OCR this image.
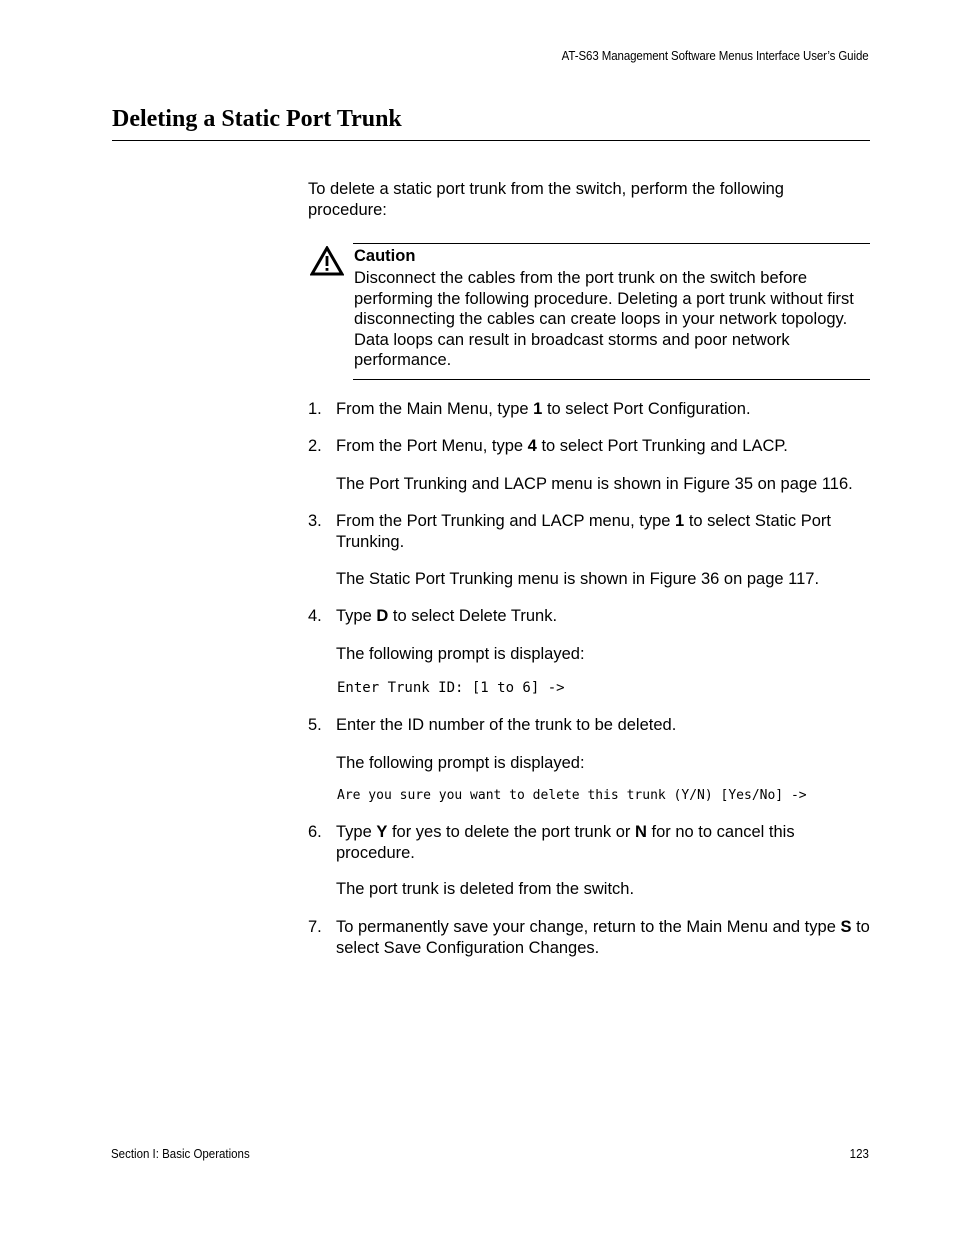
AT-S63 Management Software Menus Interface User’s Guide
Deleting a Static Port Trunk

To delete a static port trunk from the switch, perform the following procedure:

Caution
Disconnect the cables from the port trunk on the switch before performing the following procedure. Deleting a port trunk without first disconnecting the cables can create loops in your network topology. Data loops can result in broadcast storms and poor network performance.
1. From the Main Menu, type 1 to select Port Configuration.
2. From the Port Menu, type 4 to select Port Trunking and LACP.
The Port Trunking and LACP menu is shown in Figure 35 on page 116.
3. From the Port Trunking and LACP menu, type 1 to select Static Port Trunking.
The Static Port Trunking menu is shown in Figure 36 on page 117.
4. Type D to select Delete Trunk.
The following prompt is displayed:
Enter Trunk ID: [1 to 6] ->
5. Enter the ID number of the trunk to be deleted.
The following prompt is displayed:
Are you sure you want to delete this trunk (Y/N) [Yes/No] ->
6. Type Y for yes to delete the port trunk or N for no to cancel this procedure.
The port trunk is deleted from the switch.
7. To permanently save your change, return to the Main Menu and type S to select Save Configuration Changes.
Section I: Basic Operations	123
